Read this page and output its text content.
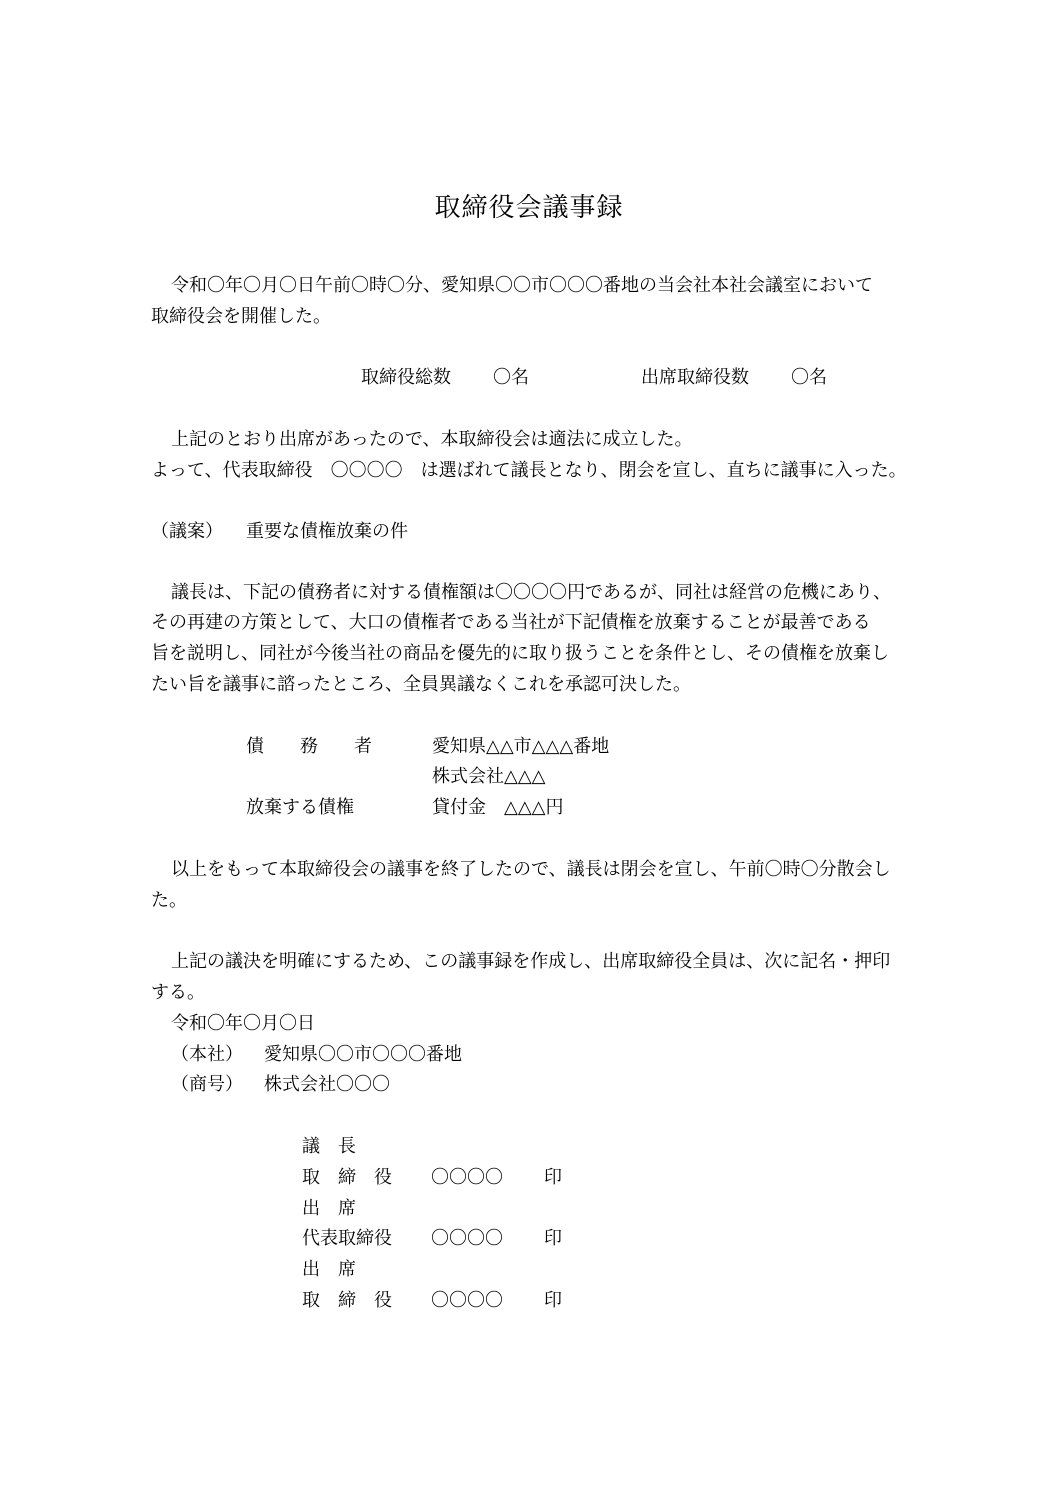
取締役会議事録
令和〇年〇月〇日午前〇時〇分、愛知県〇〇市〇〇〇番地の当会社本社会議室において
取締役会を開催した。
取締役総数 〇名	出席取締役数 〇名
上記のとおり出席があったので、本取締役会は適法に成立した。
よって、代表取締役　〇〇〇〇　は選ばれて議長となり、閉会を宣し、直ちに議事に入った。
（議案） 重要な債権放棄の件
議長は、下記の債務者に対する債権額は〇〇〇〇円であるが、同社は経営の危機にあり、
その再建の方策として、大口の債権者である当社が下記債権を放棄することが最善である
旨を説明し、同社が今後当社の商品を優先的に取り扱うことを条件とし、その債権を放棄し
たい旨を議事に諮ったところ、全員異議なくこれを承認可決した。
債　　務　　者	愛知県△△市△△△番地
株式会社△△△
放棄する債権	貸付金　△△△円
以上をもって本取締役会の議事を終了したので、議長は閉会を宣し、午前〇時〇分散会し
た。
上記の議決を明確にするため、この議事録を作成し、出席取締役全員は、次に記名・押印
する。
令和〇年〇月〇日
（本社） 愛知県〇〇市〇〇〇番地
（商号） 株式会社〇〇〇
議　長
取　締　役 〇〇〇〇 印
出　席
代表取締役 〇〇〇〇 印
出　席
取　締　役 〇〇〇〇 印
